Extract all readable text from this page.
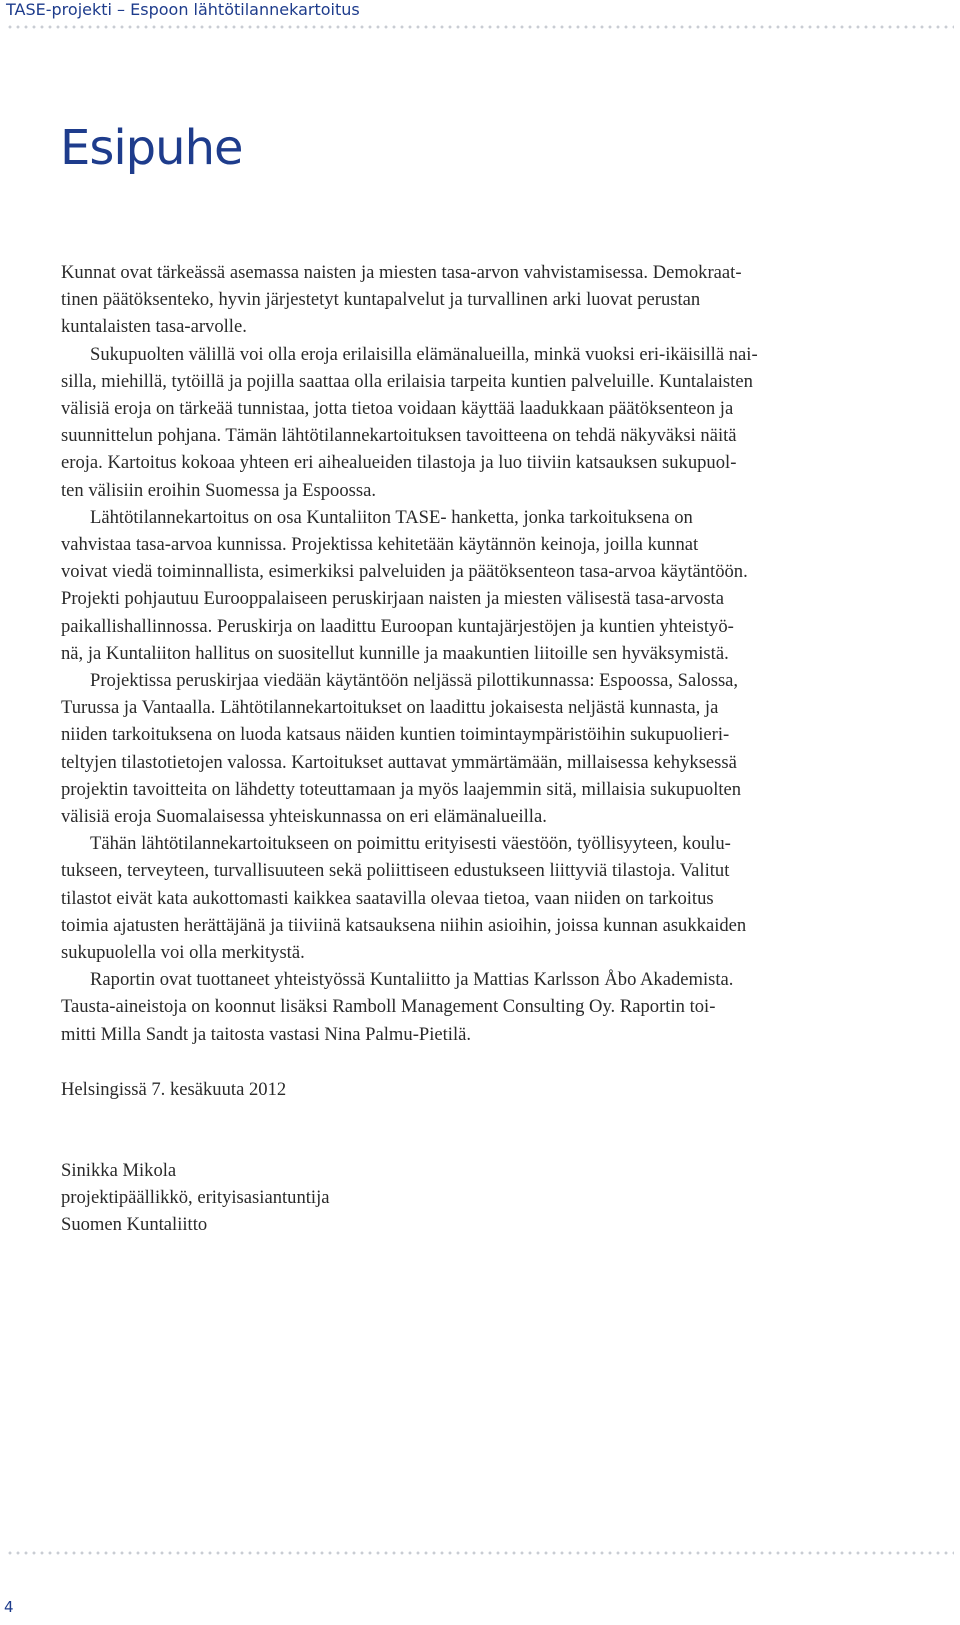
TASE-projekti – Espoon lähtötilannekartoitus
Esipuhe

Kunnat ovat tärkeässä asemassa naisten ja miesten tasa-arvon vahvistamisessa. Demokraat-
tinen päätöksenteko, hyvin järjestetyt kuntapalvelut ja turvallinen arki luovat perustan
kuntalaisten tasa-arvolle.

Sukupuolten välillä voi olla eroja erilaisilla elämänalueilla, minkä vuoksi eri-ikäisillä nai-
silla, miehillä, tytöillä ja pojilla saattaa olla erilaisia tarpeita kuntien palveluille. Kuntalaisten
välisiä eroja on tärkeää tunnistaa, jotta tietoa voidaan käyttää laadukkaan päätöksenteon ja
suunnittelun pohjana. Tämän lähtötilannekartoituksen tavoitteena on tehdä näkyväksi näitä
eroja. Kartoitus kokoaa yhteen eri aihealueiden tilastoja ja luo tiiviin katsauksen sukupuol-
ten välisiin eroihin Suomessa ja Espoossa.

Lähtötilannekartoitus on osa Kuntaliiton TASE- hanketta, jonka tarkoituksena on
vahvistaa tasa-arvoa kunnissa. Projektissa kehitetään käytännön keinoja, joilla kunnat
voivat viedä toiminnallista, esimerkiksi palveluiden ja päätöksenteon tasa-arvoa käytäntöön.
Projekti pohjautuu Eurooppalaiseen peruskirjaan naisten ja miesten välisestä tasa-arvosta
paikallishallinnossa. Peruskirja on laadittu Euroopan kuntajärjestöjen ja kuntien yhteistyö-
nä, ja Kuntaliiton hallitus on suositellut kunnille ja maakuntien liitoille sen hyväksymistä.

Projektissa peruskirjaa viedään käytäntöön neljässä pilottikunnassa: Espoossa, Salossa,
Turussa ja Vantaalla. Lähtötilannekartoitukset on laadittu jokaisesta neljästä kunnasta, ja
niiden tarkoituksena on luoda katsaus näiden kuntien toimintaympäristöihin sukupuolieri-
teltyjen tilastotietojen valossa. Kartoitukset auttavat ymmärtämään, millaisessa kehyksessä
projektin tavoitteita on lähdetty toteuttamaan ja myös laajemmin sitä, millaisia sukupuolten
välisiä eroja Suomalaisessa yhteiskunnassa on eri elämänalueilla.

Tähän lähtötilannekartoitukseen on poimittu erityisesti väestöön, työllisyyteen, koulu-
tukseen, terveyteen, turvallisuuteen sekä poliittiseen edustukseen liittyviä tilastoja. Valitut
tilastot eivät kata aukottomasti kaikkea saatavilla olevaa tietoa, vaan niiden on tarkoitus
toimia ajatusten herättäjänä ja tiiviinä katsauksena niihin asioihin, joissa kunnan asukkaiden
sukupuolella voi olla merkitystä.

Raportin ovat tuottaneet yhteistyössä Kuntaliitto ja Mattias Karlsson Åbo Akademista.
Tausta-aineistoja on koonnut lisäksi Ramboll Management Consulting Oy. Raportin toi-
mitti Milla Sandt ja taitosta vastasi Nina Palmu-Pietilä.

Helsingissä 7. kesäkuuta 2012

Sinikka Mikola
projektipäällikkö, erityisasiantuntija
Suomen Kuntaliitto
4
